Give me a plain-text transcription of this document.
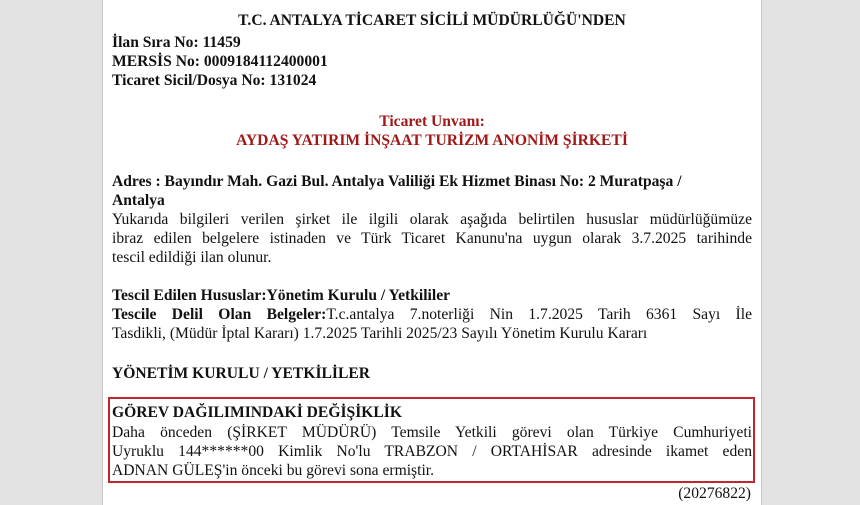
T.C. ANTALYA TİCARET SİCİLİ MÜDÜRLÜĞÜ'NDEN
İlan Sıra No: 11459
MERSİS No: 0009184112400001
Ticaret Sicil/Dosya No: 131024
Ticaret Unvanı:
AYDAŞ YATIRIM İNŞAAT TURİZM ANONİM ŞİRKETİ
Adres : Bayındır Mah. Gazi Bul. Antalya Valiliği Ek Hizmet Binası No: 2 Muratpaşa /
Antalya
Yukarıda bilgileri verilen şirket ile ilgili olarak aşağıda belirtilen hususlar müdürlüğümüze
ibraz edilen belgelere istinaden ve Türk Ticaret Kanunu'na uygun olarak 3.7.2025 tarihinde
tescil edildiği ilan olunur.
Tescil Edilen Hususlar:Yönetim Kurulu / Yetkililer
Tescile Delil Olan Belgeler:T.c.antalya 7.noterliği Nin 1.7.2025 Tarih 6361 Sayı İle
Tasdikli, (Müdür İptal Kararı) 1.7.2025 Tarihli 2025/23 Sayılı Yönetim Kurulu Kararı
YÖNETİM KURULU / YETKİLİLER
GÖREV DAĞILIMINDAKİ DEĞİŞİKLİK
Daha önceden (ŞİRKET MÜDÜRÜ) Temsile Yetkili görevi olan Türkiye Cumhuriyeti
Uyruklu 144******00 Kimlik No'lu TRABZON / ORTAHİSAR adresinde ikamet eden
ADNAN GÜLEŞ'in önceki bu görevi sona ermiştir.
(20276822)
